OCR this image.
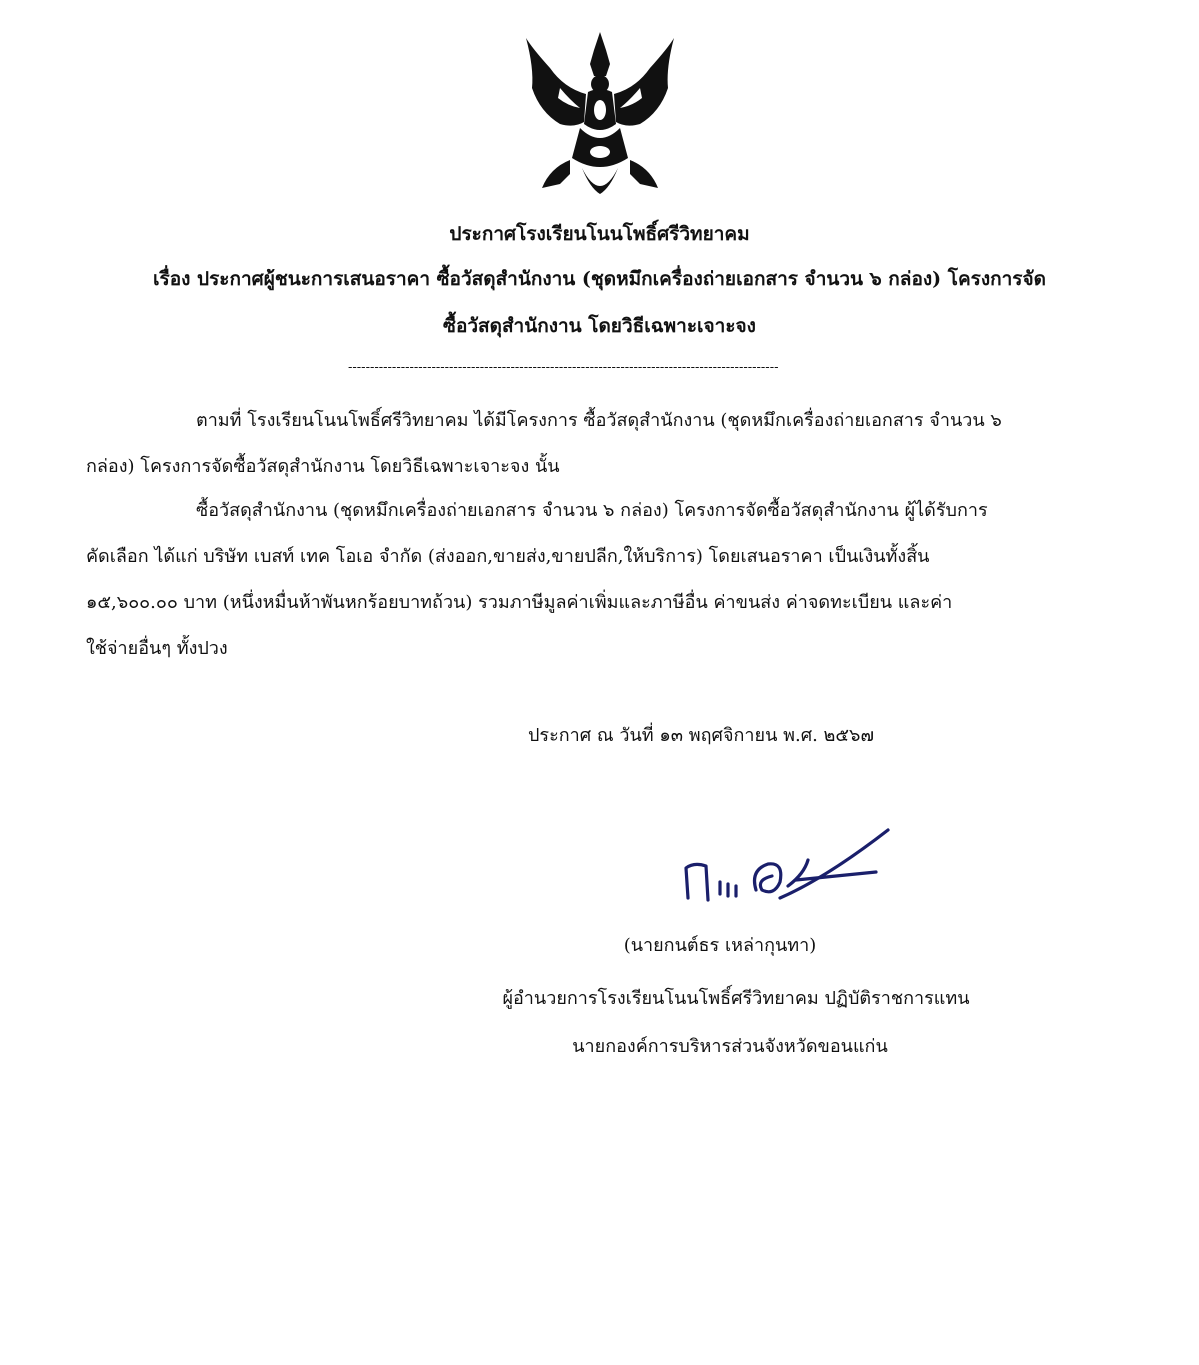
ประกาศโรงเรียนโนนโพธิ์ศรีวิทยาคม
เรื่อง ประกาศผู้ชนะการเสนอราคา ซื้อวัสดุสำนักงาน (ชุดหมึกเครื่องถ่ายเอกสาร จำนวน ๖ กล่อง) โครงการจัด
ซื้อวัสดุสำนักงาน โดยวิธีเฉพาะเจาะจง
--------------------------------------------------------------------------------------------------
ตามที่ โรงเรียนโนนโพธิ์ศรีวิทยาคม ได้มีโครงการ ซื้อวัสดุสำนักงาน (ชุดหมึกเครื่องถ่ายเอกสาร จำนวน ๖
กล่อง) โครงการจัดซื้อวัสดุสำนักงาน โดยวิธีเฉพาะเจาะจง นั้น
ซื้อวัสดุสำนักงาน (ชุดหมึกเครื่องถ่ายเอกสาร จำนวน ๖ กล่อง) โครงการจัดซื้อวัสดุสำนักงาน ผู้ได้รับการ
คัดเลือก ได้แก่ บริษัท เบสท์ เทค โอเอ จำกัด (ส่งออก,ขายส่ง,ขายปลีก,ให้บริการ) โดยเสนอราคา เป็นเงินทั้งสิ้น
๑๕,๖๐๐.๐๐ บาท (หนึ่งหมื่นห้าพันหกร้อยบาทถ้วน) รวมภาษีมูลค่าเพิ่มและภาษีอื่น ค่าขนส่ง ค่าจดทะเบียน และค่า
ใช้จ่ายอื่นๆ ทั้งปวง
ประกาศ ณ วันที่ ๑๓ พฤศจิกายน พ.ศ. ๒๕๖๗
(นายกนต์ธร เหล่ากุนทา)
ผู้อำนวยการโรงเรียนโนนโพธิ์ศรีวิทยาคม ปฏิบัติราชการแทน
นายกองค์การบริหารส่วนจังหวัดขอนแก่น
